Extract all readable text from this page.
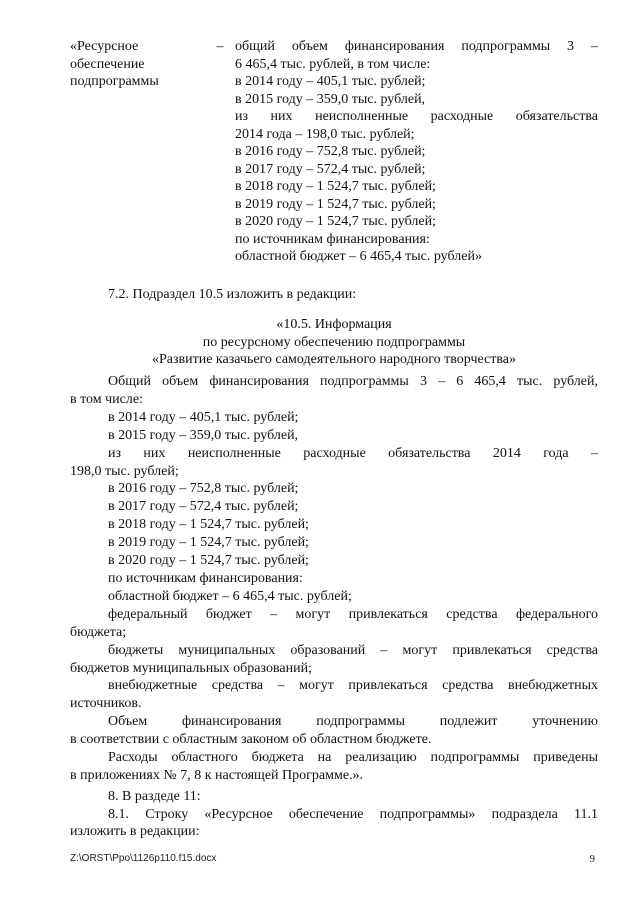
«Ресурсное
обеспечение
подпрограммы
– общий объем финансирования подпрограммы 3 –
6 465,4 тыс. рублей, в том числе:
в 2014 году – 405,1 тыс. рублей;
в 2015 году – 359,0 тыс. рублей,
из них неисполненные расходные обязательства
2014 года – 198,0 тыс. рублей;
в 2016 году – 752,8 тыс. рублей;
в 2017 году – 572,4 тыс. рублей;
в 2018 году – 1 524,7 тыс. рублей;
в 2019 году – 1 524,7 тыс. рублей;
в 2020 году – 1 524,7 тыс. рублей;
по источникам финансирования:
областной бюджет – 6 465,4 тыс. рублей»
7.2. Подраздел 10.5 изложить в редакции:
«10.5. Информация
по ресурсному обеспечению подпрограммы
«Развитие казачьего самодеятельного народного творчества»
Общий объем финансирования подпрограммы 3 – 6 465,4 тыс. рублей,
в том числе:
в 2014 году – 405,1 тыс. рублей;
в 2015 году – 359,0 тыс. рублей,
из них неисполненные расходные обязательства 2014 года –
198,0 тыс. рублей;
в 2016 году – 752,8 тыс. рублей;
в 2017 году – 572,4 тыс. рублей;
в 2018 году – 1 524,7 тыс. рублей;
в 2019 году – 1 524,7 тыс. рублей;
в 2020 году – 1 524,7 тыс. рублей;
по источникам финансирования:
областной бюджет – 6 465,4 тыс. рублей;
федеральный бюджет – могут привлекаться средства федерального
бюджета;
бюджеты муниципальных образований – могут привлекаться средства
бюджетов муниципальных образований;
внебюджетные средства – могут привлекаться средства внебюджетных
источников.
Объем финансирования подпрограммы подлежит уточнению
в соответствии с областным законом об областном бюджете.
Расходы областного бюджета на реализацию подпрограммы приведены
в приложениях № 7, 8 к настоящей Программе.».
8. В раздеде 11:
8.1. Строку «Ресурсное обеспечение подпрограммы» подраздела 11.1
изложить в редакции:
Z:\ORST\Ppo\1126p110.f15.docx	9
